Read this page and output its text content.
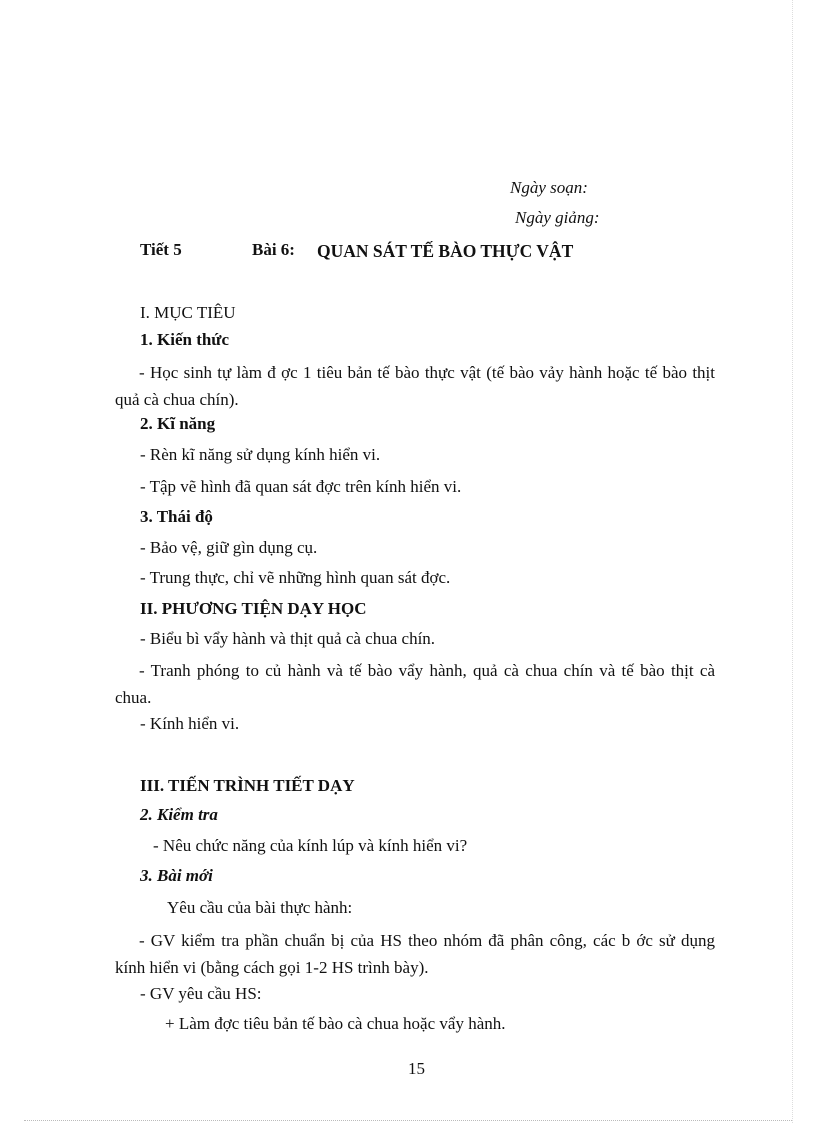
Ngày soạn:
Ngày giảng:
Tiết 5	Bài 6: QUAN SÁT TẾ BÀO THỰC VẬT
I. MỤC TIÊU
1. Kiến thức
- Học sinh tự làm đ ợc 1 tiêu bản tế bào thực vật (tế bào vảy hành hoặc tế bào thịt quả cà chua chín).
2. Kĩ năng
- Rèn kĩ năng sử dụng kính hiển vi.
- Tập vẽ hình đã quan sát đợc trên kính hiển vi.
3. Thái độ
- Bảo vệ, giữ gìn dụng cụ.
- Trung thực, chỉ vẽ những hình quan sát đợc.
II. PHƯƠNG TIỆN DẠY HỌC
- Biểu bì vẩy hành và thịt quả cà chua chín.
- Tranh phóng to củ hành và tế bào vẩy hành, quả cà chua chín và tế bào thịt cà chua.
- Kính hiển vi.
III. TIẾN TRÌNH TIẾT DẠY
2. Kiểm tra
- Nêu chức năng của kính lúp và kính hiển vi?
3. Bài mới
Yêu cầu của bài thực hành:
- GV kiểm tra phần chuẩn bị của HS theo nhóm đã phân công, các b ớc sử dụng kính hiển vi (bằng cách gọi 1-2 HS trình bày).
- GV yêu cầu HS:
+ Làm đợc tiêu bản tế bào cà chua hoặc vẩy hành.
15
